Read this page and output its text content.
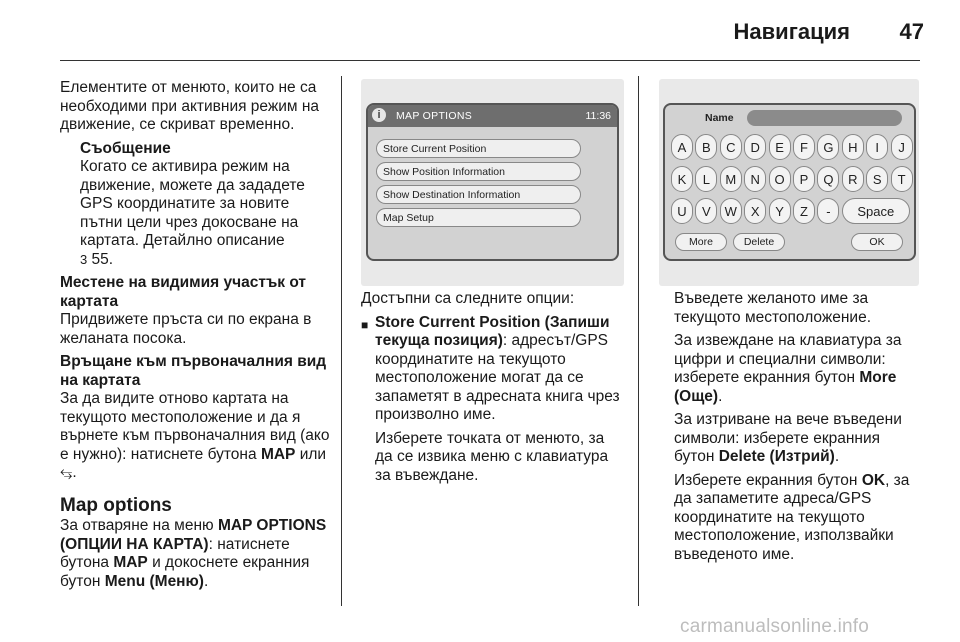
Навигация 47

Елементите от менюто, които не са необходими при активния режим на движение, се скриват временно.

Съобщение

Когато се активира режим на движение, можете да зададете GPS координатите за новите пътни цели чрез докосване на картата. Детайлно описание
3 55.

Местене на видимия участък от картата

Придвижете пръста си по екрана в желаната посока.

Връщане към първоначалния вид на картата

За да видите отново картата на текущото местоположение и да я върнете към първоначалния вид (ако е нужно): натиснете бутона MAP или ⥃.

Map options

За отваряне на меню MAP OPTIONS (ОПЦИИ НА КАРТА): натиснете бутона MAP и докоснете екранния бутон Menu (Меню).

i	MAP OPTIONS	11:36
Store Current Position
Show Position Information
Show Destination Information
Map Setup

Достъпни са следните опции:

■ Store Current Position (Запиши текуща позиция): адресът/GPS координатите на текущото местоположение могат да се запаметят в адресната книга чрез произволно име.

Изберете точката от менюто, за да се извика меню с клавиатура за въвеждане.

Name
A	B	C	D	E	F	G	H	I	J
K	L	M	N	O	P	Q	R	S	T
U	V	W	X	Y	Z	-	Space
More	Delete	OK

Въведете желаното име за текущото местоположение.

За извеждане на клавиатура за цифри и специални символи: изберете екранния бутон More (Още).

За изтриване на вече въведени символи: изберете екранния бутон Delete (Изтрий).

Изберете екранния бутон OK, за да запаметите адреса/GPS координатите на текущото местоположение, използвайки въведеното име.

carmanualsonline.info
